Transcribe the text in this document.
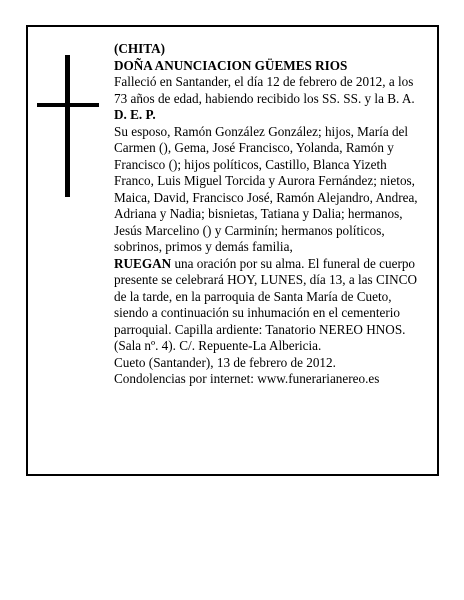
(CHITA)

DOÑA ANUNCIACION GÜEMES RIOS

Falleció en Santander, el día 12 de febrero de 2012, a los 73 años de edad, habiendo recibido los SS. SS. y la B. A.

D. E. P.

Su esposo, Ramón González González; hijos, María del Carmen (), Gema, José Francisco, Yolanda, Ramón y Francisco (); hijos políticos, Castillo, Blanca Yizeth Franco, Luis Miguel Torcida y Aurora Fernández; nietos, Maica, David, Francisco José, Ramón Alejandro, Andrea, Adriana y Nadia; bisnietas, Tatiana y Dalia; hermanos, Jesús Marcelino () y Carminín; hermanos políticos, sobrinos, primos y demás familia,

RUEGAN una oración por su alma. El funeral de cuerpo presente se celebrará HOY, LUNES, día 13, a las CINCO de la tarde, en la parroquia de Santa María de Cueto, siendo a continuación su inhumación en el cementerio parroquial. Capilla ardiente: Tanatorio NEREO HNOS. (Sala nº. 4). C/. Repuente-La Albericia.

Cueto (Santander), 13 de febrero de 2012.

Condolencias por internet: www.funerarianereo.es
